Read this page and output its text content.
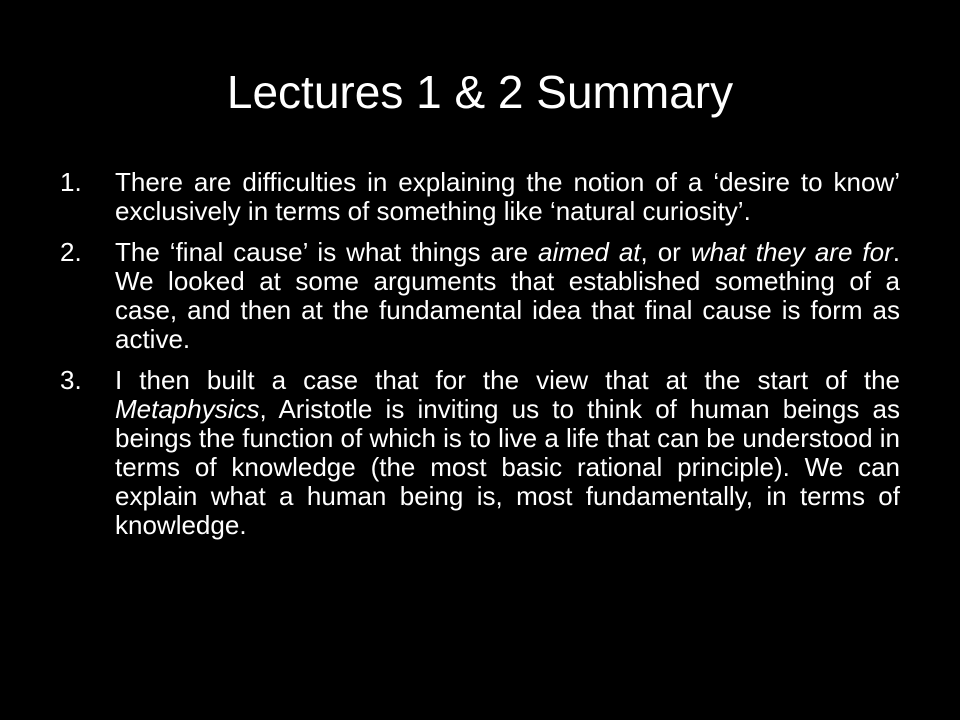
Lectures 1 & 2 Summary
1. There are difficulties in explaining the notion of a ‘desire to know’ exclusively in terms of something like ‘natural curiosity’.
2. The ‘final cause’ is what things are aimed at, or what they are for. We looked at some arguments that established something of a case, and then at the fundamental idea that final cause is form as active.
3. I then built a case that for the view that at the start of the Metaphysics, Aristotle is inviting us to think of human beings as beings the function of which is to live a life that can be understood in terms of knowledge (the most basic rational principle). We can explain what a human being is, most fundamentally, in terms of knowledge.
